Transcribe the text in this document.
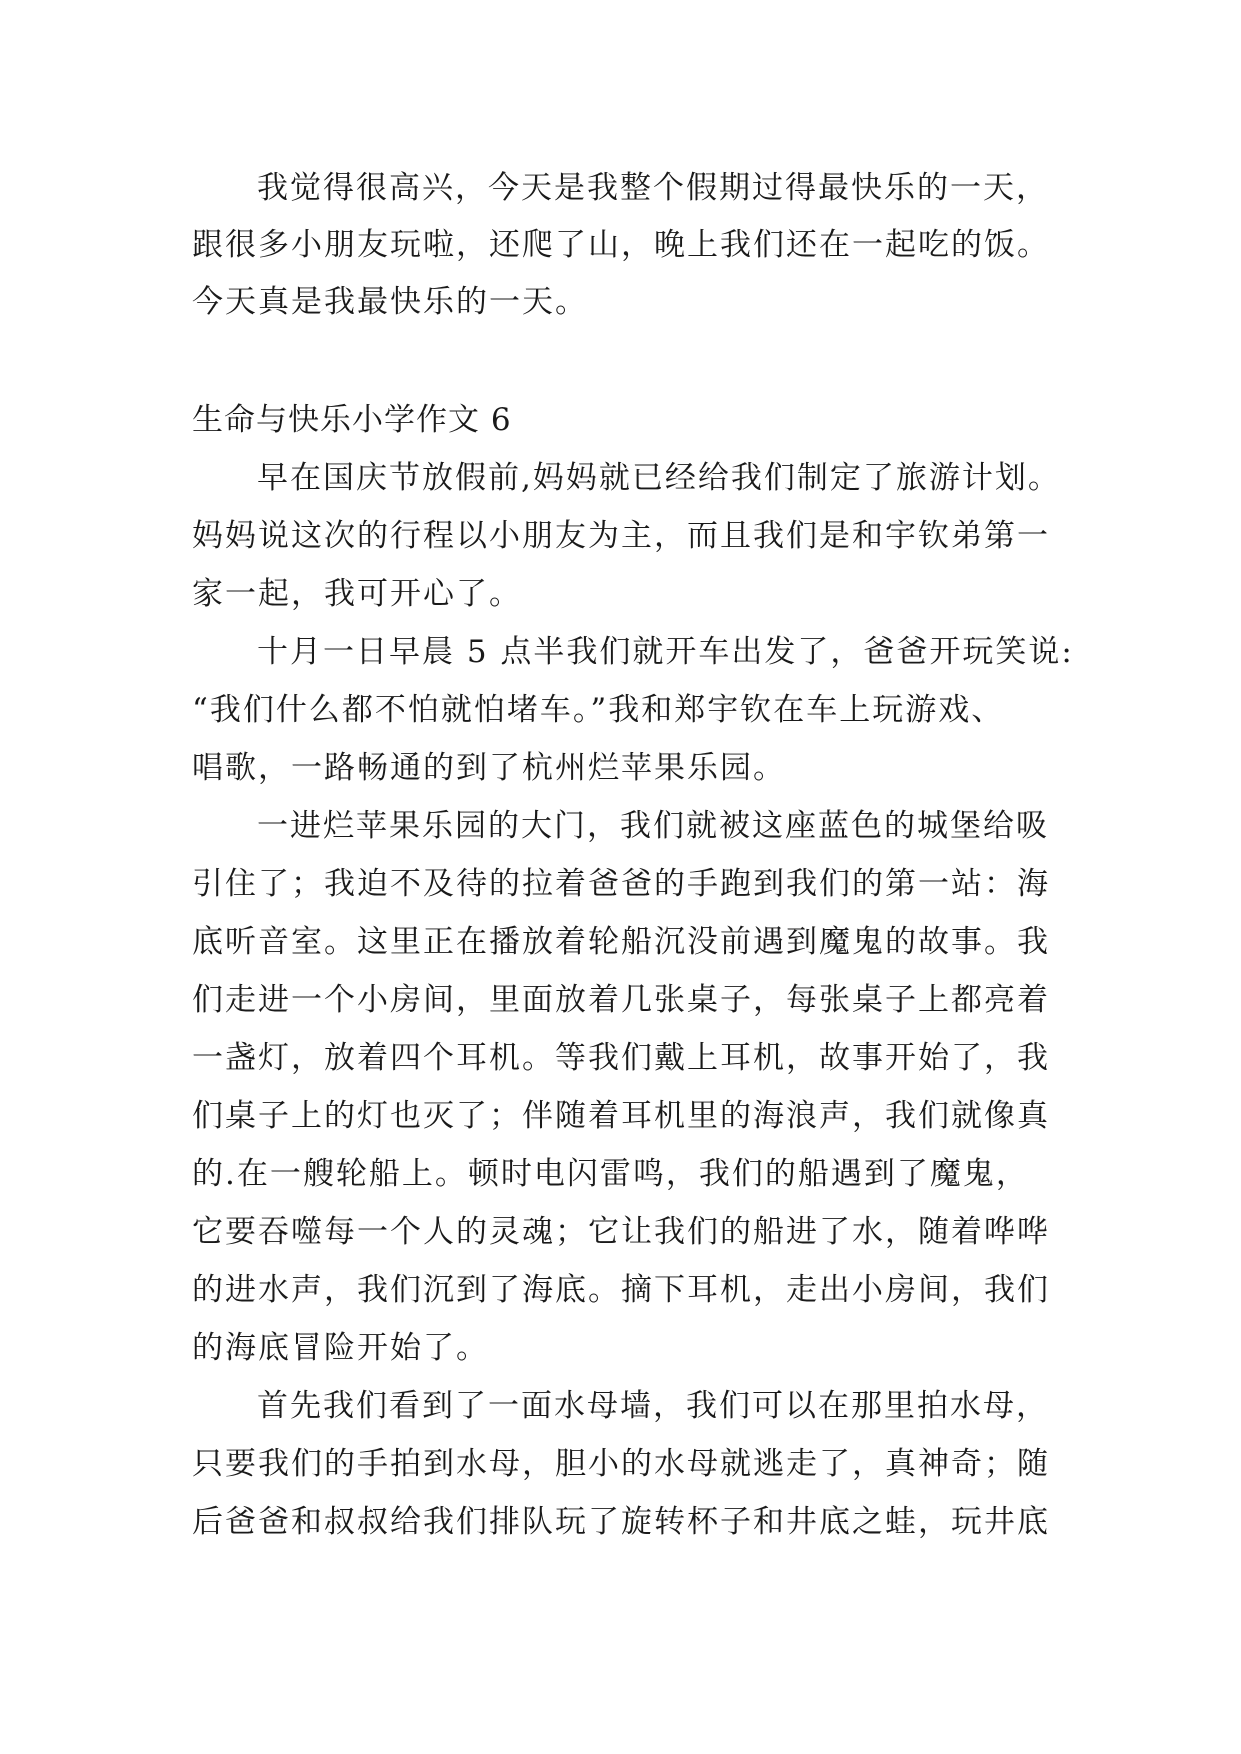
我觉得很高兴，今天是我整个假期过得最快乐的一天，
跟很多小朋友玩啦，还爬了山，晚上我们还在一起吃的饭。
今天真是我最快乐的一天。
生命与快乐小学作文 6
早在国庆节放假前,妈妈就已经给我们制定了旅游计划。
妈妈说这次的行程以小朋友为主，而且我们是和宇钦弟第一
家一起，我可开心了。
十月一日早晨 5 点半我们就开车出发了，爸爸开玩笑说:
“我们什么都不怕就怕堵车。”我和郑宇钦在车上玩游戏、
唱歌，一路畅通的到了杭州烂苹果乐园。
一进烂苹果乐园的大门，我们就被这座蓝色的城堡给吸
引住了；我迫不及待的拉着爸爸的手跑到我们的第一站：海
底听音室。这里正在播放着轮船沉没前遇到魔鬼的故事。我
们走进一个小房间，里面放着几张桌子，每张桌子上都亮着
一盏灯，放着四个耳机。等我们戴上耳机，故事开始了，我
们桌子上的灯也灭了；伴随着耳机里的海浪声，我们就像真
的.在一艘轮船上。顿时电闪雷鸣，我们的船遇到了魔鬼，
它要吞噬每一个人的灵魂；它让我们的船进了水，随着哗哗
的进水声，我们沉到了海底。摘下耳机，走出小房间，我们
的海底冒险开始了。
首先我们看到了一面水母墙，我们可以在那里拍水母，
只要我们的手拍到水母，胆小的水母就逃走了，真神奇；随
后爸爸和叔叔给我们排队玩了旋转杯子和井底之蛙，玩井底
